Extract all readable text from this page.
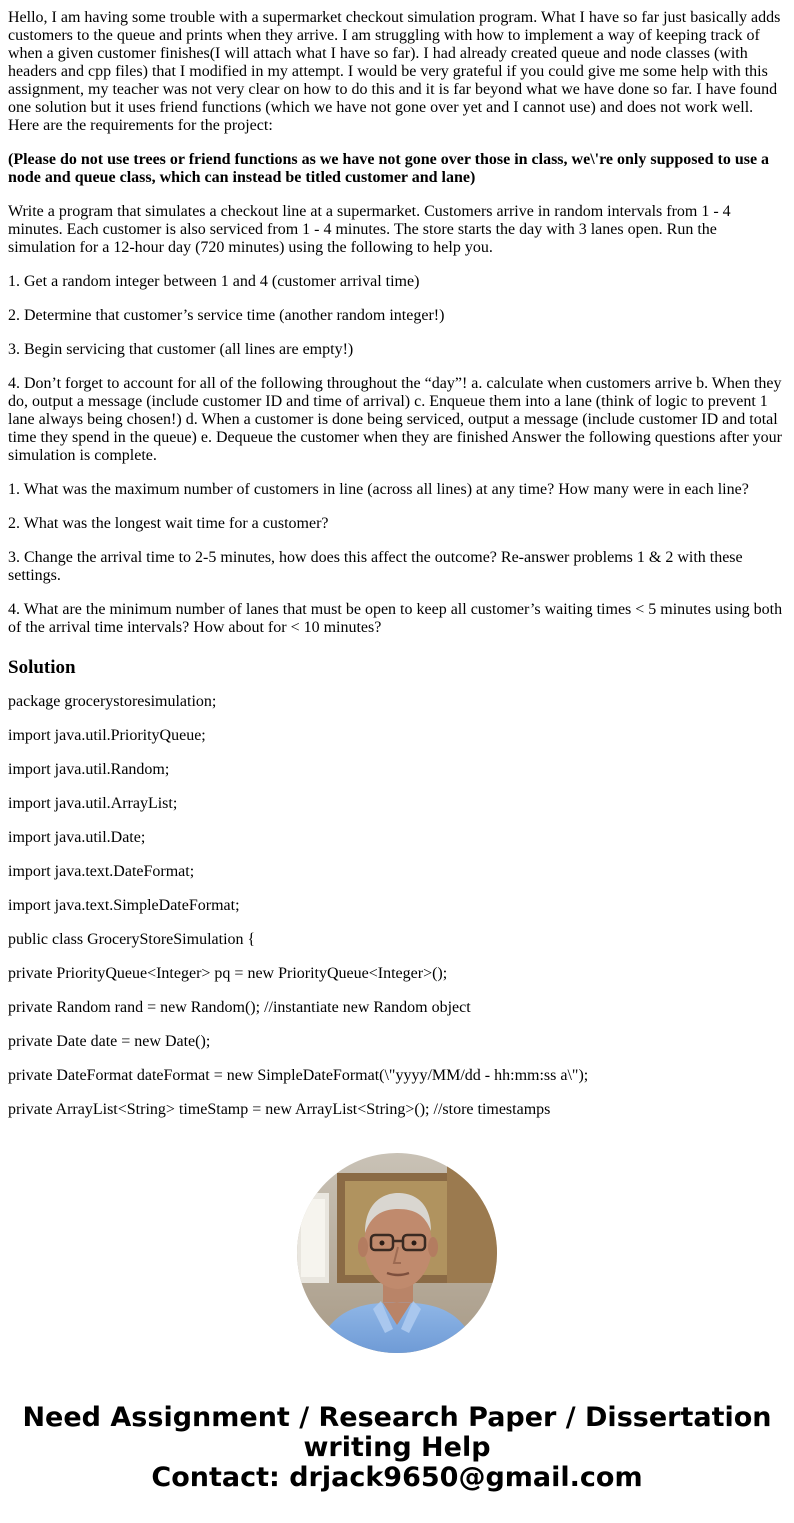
Hello, I am having some trouble with a supermarket checkout simulation program. What I have so far just basically adds customers to the queue and prints when they arrive. I am struggling with how to implement a way of keeping track of when a given customer finishes(I will attach what I have so far). I had already created queue and node classes (with headers and cpp files) that I modified in my attempt. I would be very grateful if you could give me some help with this assignment, my teacher was not very clear on how to do this and it is far beyond what we have done so far. I have found one solution but it uses friend functions (which we have not gone over yet and I cannot use) and does not work well. Here are the requirements for the project:

(Please do not use trees or friend functions as we have not gone over those in class, we\'re only supposed to use a node and queue class, which can instead be titled customer and lane)

Write a program that simulates a checkout line at a supermarket. Customers arrive in random intervals from 1 - 4 minutes. Each customer is also serviced from 1 - 4 minutes. The store starts the day with 3 lanes open. Run the simulation for a 12-hour day (720 minutes) using the following to help you.

1. Get a random integer between 1 and 4 (customer arrival time)

2. Determine that customer’s service time (another random integer!)

3. Begin servicing that customer (all lines are empty!)

4. Don’t forget to account for all of the following throughout the “day”! a. calculate when customers arrive b. When they do, output a message (include customer ID and time of arrival) c. Enqueue them into a lane (think of logic to prevent 1 lane always being chosen!) d. When a customer is done being serviced, output a message (include customer ID and total time they spend in the queue) e. Dequeue the customer when they are finished Answer the following questions after your simulation is complete.

1. What was the maximum number of customers in line (across all lines) at any time? How many were in each line?

2. What was the longest wait time for a customer?

3. Change the arrival time to 2-5 minutes, how does this affect the outcome? Re-answer problems 1 & 2 with these settings.

4. What are the minimum number of lanes that must be open to keep all customer’s waiting times < 5 minutes using both of the arrival time intervals? How about for < 10 minutes?

Solution

package grocerystoresimulation;

import java.util.PriorityQueue;

import java.util.Random;

import java.util.ArrayList;

import java.util.Date;

import java.text.DateFormat;

import java.text.SimpleDateFormat;

public class GroceryStoreSimulation {

private PriorityQueue<Integer> pq = new PriorityQueue<Integer>();

private Random rand = new Random(); //instantiate new Random object

private Date date = new Date();

private DateFormat dateFormat = new SimpleDateFormat(\"yyyy/MM/dd - hh:mm:ss a\");

private ArrayList<String> timeStamp = new ArrayList<String>(); //store timestamps

Need Assignment / Research Paper / Dissertation
writing Help
Contact: drjack9650@gmail.com
